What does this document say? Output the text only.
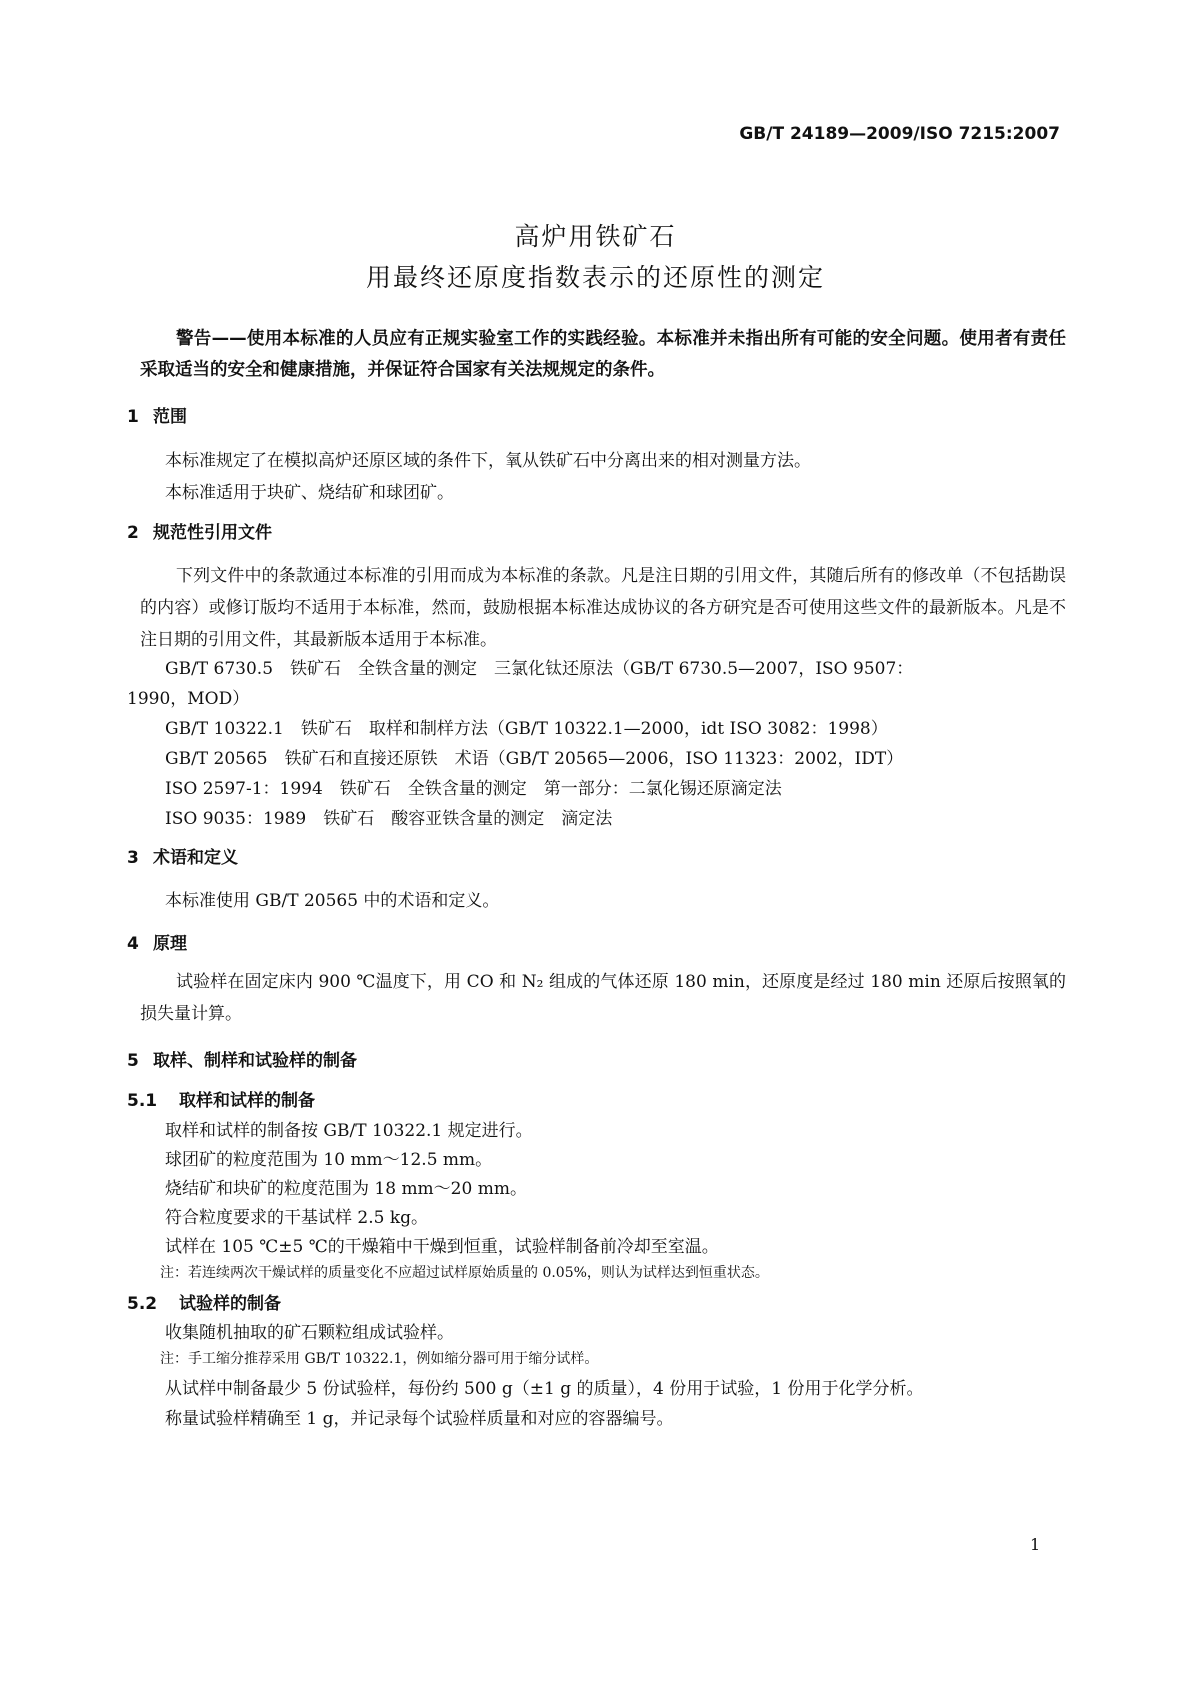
GB/T 24189—2009/ISO 7215:2007
高炉用铁矿石
用最终还原度指数表示的还原性的测定
警告——使用本标准的人员应有正规实验室工作的实践经验。本标准并未指出所有可能的安全问题。使用者有责任采取适当的安全和健康措施，并保证符合国家有关法规规定的条件。
1 范围
本标准规定了在模拟高炉还原区域的条件下，氧从铁矿石中分离出来的相对测量方法。
本标准适用于块矿、烧结矿和球团矿。
2 规范性引用文件
下列文件中的条款通过本标准的引用而成为本标准的条款。凡是注日期的引用文件，其随后所有的修改单（不包括勘误的内容）或修订版均不适用于本标准，然而，鼓励根据本标准达成协议的各方研究是否可使用这些文件的最新版本。凡是不注日期的引用文件，其最新版本适用于本标准。
GB/T 6730.5　铁矿石　全铁含量的测定　三氯化钛还原法（GB/T 6730.5—2007，ISO 9507：
1990，MOD）
GB/T 10322.1　铁矿石　取样和制样方法（GB/T 10322.1—2000，idt ISO 3082：1998）
GB/T 20565　铁矿石和直接还原铁　术语（GB/T 20565—2006，ISO 11323：2002，IDT）
ISO 2597-1：1994　铁矿石　全铁含量的测定　第一部分：二氯化锡还原滴定法
ISO 9035：1989　铁矿石　酸容亚铁含量的测定　滴定法
3 术语和定义
本标准使用 GB/T 20565 中的术语和定义。
4 原理
试验样在固定床内 900 ℃温度下，用 CO 和 N₂ 组成的气体还原 180 min，还原度是经过 180 min 还原后按照氧的损失量计算。
5 取样、制样和试验样的制备
5.1 取样和试样的制备
取样和试样的制备按 GB/T 10322.1 规定进行。
球团矿的粒度范围为 10 mm～12.5 mm。
烧结矿和块矿的粒度范围为 18 mm～20 mm。
符合粒度要求的干基试样 2.5 kg。
试样在 105 ℃±5 ℃的干燥箱中干燥到恒重，试验样制备前冷却至室温。
注：若连续两次干燥试样的质量变化不应超过试样原始质量的 0.05%，则认为试样达到恒重状态。
5.2 试验样的制备
收集随机抽取的矿石颗粒组成试验样。
注：手工缩分推荐采用 GB/T 10322.1，例如缩分器可用于缩分试样。
从试样中制备最少 5 份试验样，每份约 500 g（±1 g 的质量），4 份用于试验，1 份用于化学分析。
称量试验样精确至 1 g，并记录每个试验样质量和对应的容器编号。
1
